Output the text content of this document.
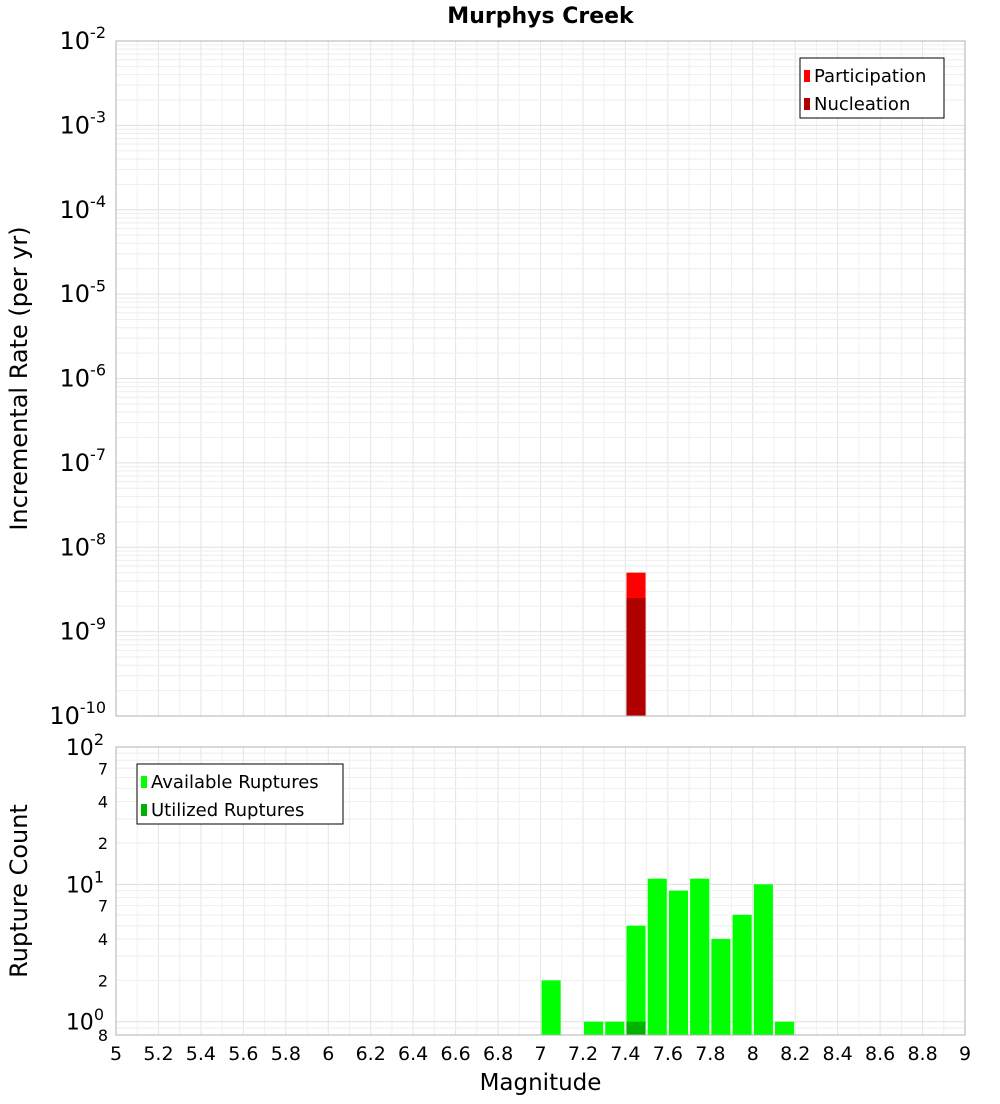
Murphys Creek
$10^{-2}$
$10^{-3}$
$10^{-4}$
$10^{-5}$
$10^{-6}$
$10^{-7}$
$10^{-8}$
$10^{-9}$
$10^{-10}$
Incremental Rate (per yr)
Participation
Nucleation
$10^2$
7
4
2
$10^1$
7
4
2
$10^0$
8
Rupture Count
Available Ruptures
Utilized Ruptures
5 5.2 5.4 5.6 5.8 6 6.2 6.4 6.6 6.8 7 7.2 7.4 7.6 7.8 8 8.2 8.4 8.6 8.8 9
Magnitude
